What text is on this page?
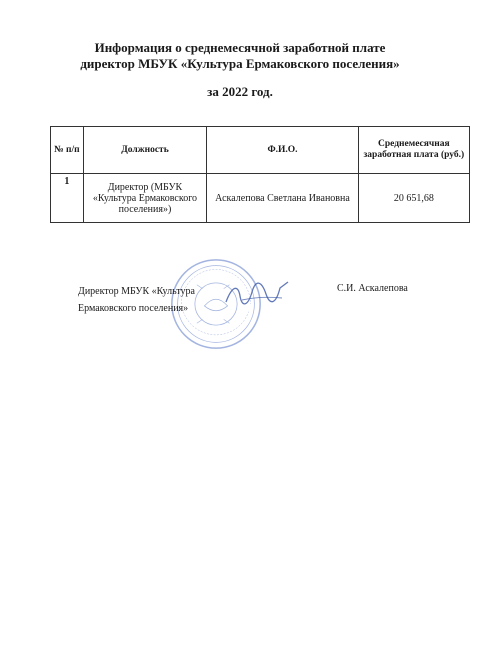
Информация о среднемесячной заработной плате
директор МБУК «Культура Ермаковского поселения»
за 2022 год.
№ п/п	Должность	Ф.И.О.	Среднемесячная заработная плата (руб.)
1	Директор (МБУК «Культура Ермаковского поселения»)	Аскалепова Светлана Ивановна	20 651,68
Директор МБУК «Культура
Ермаковского поселения»
С.И. Аскалепова
